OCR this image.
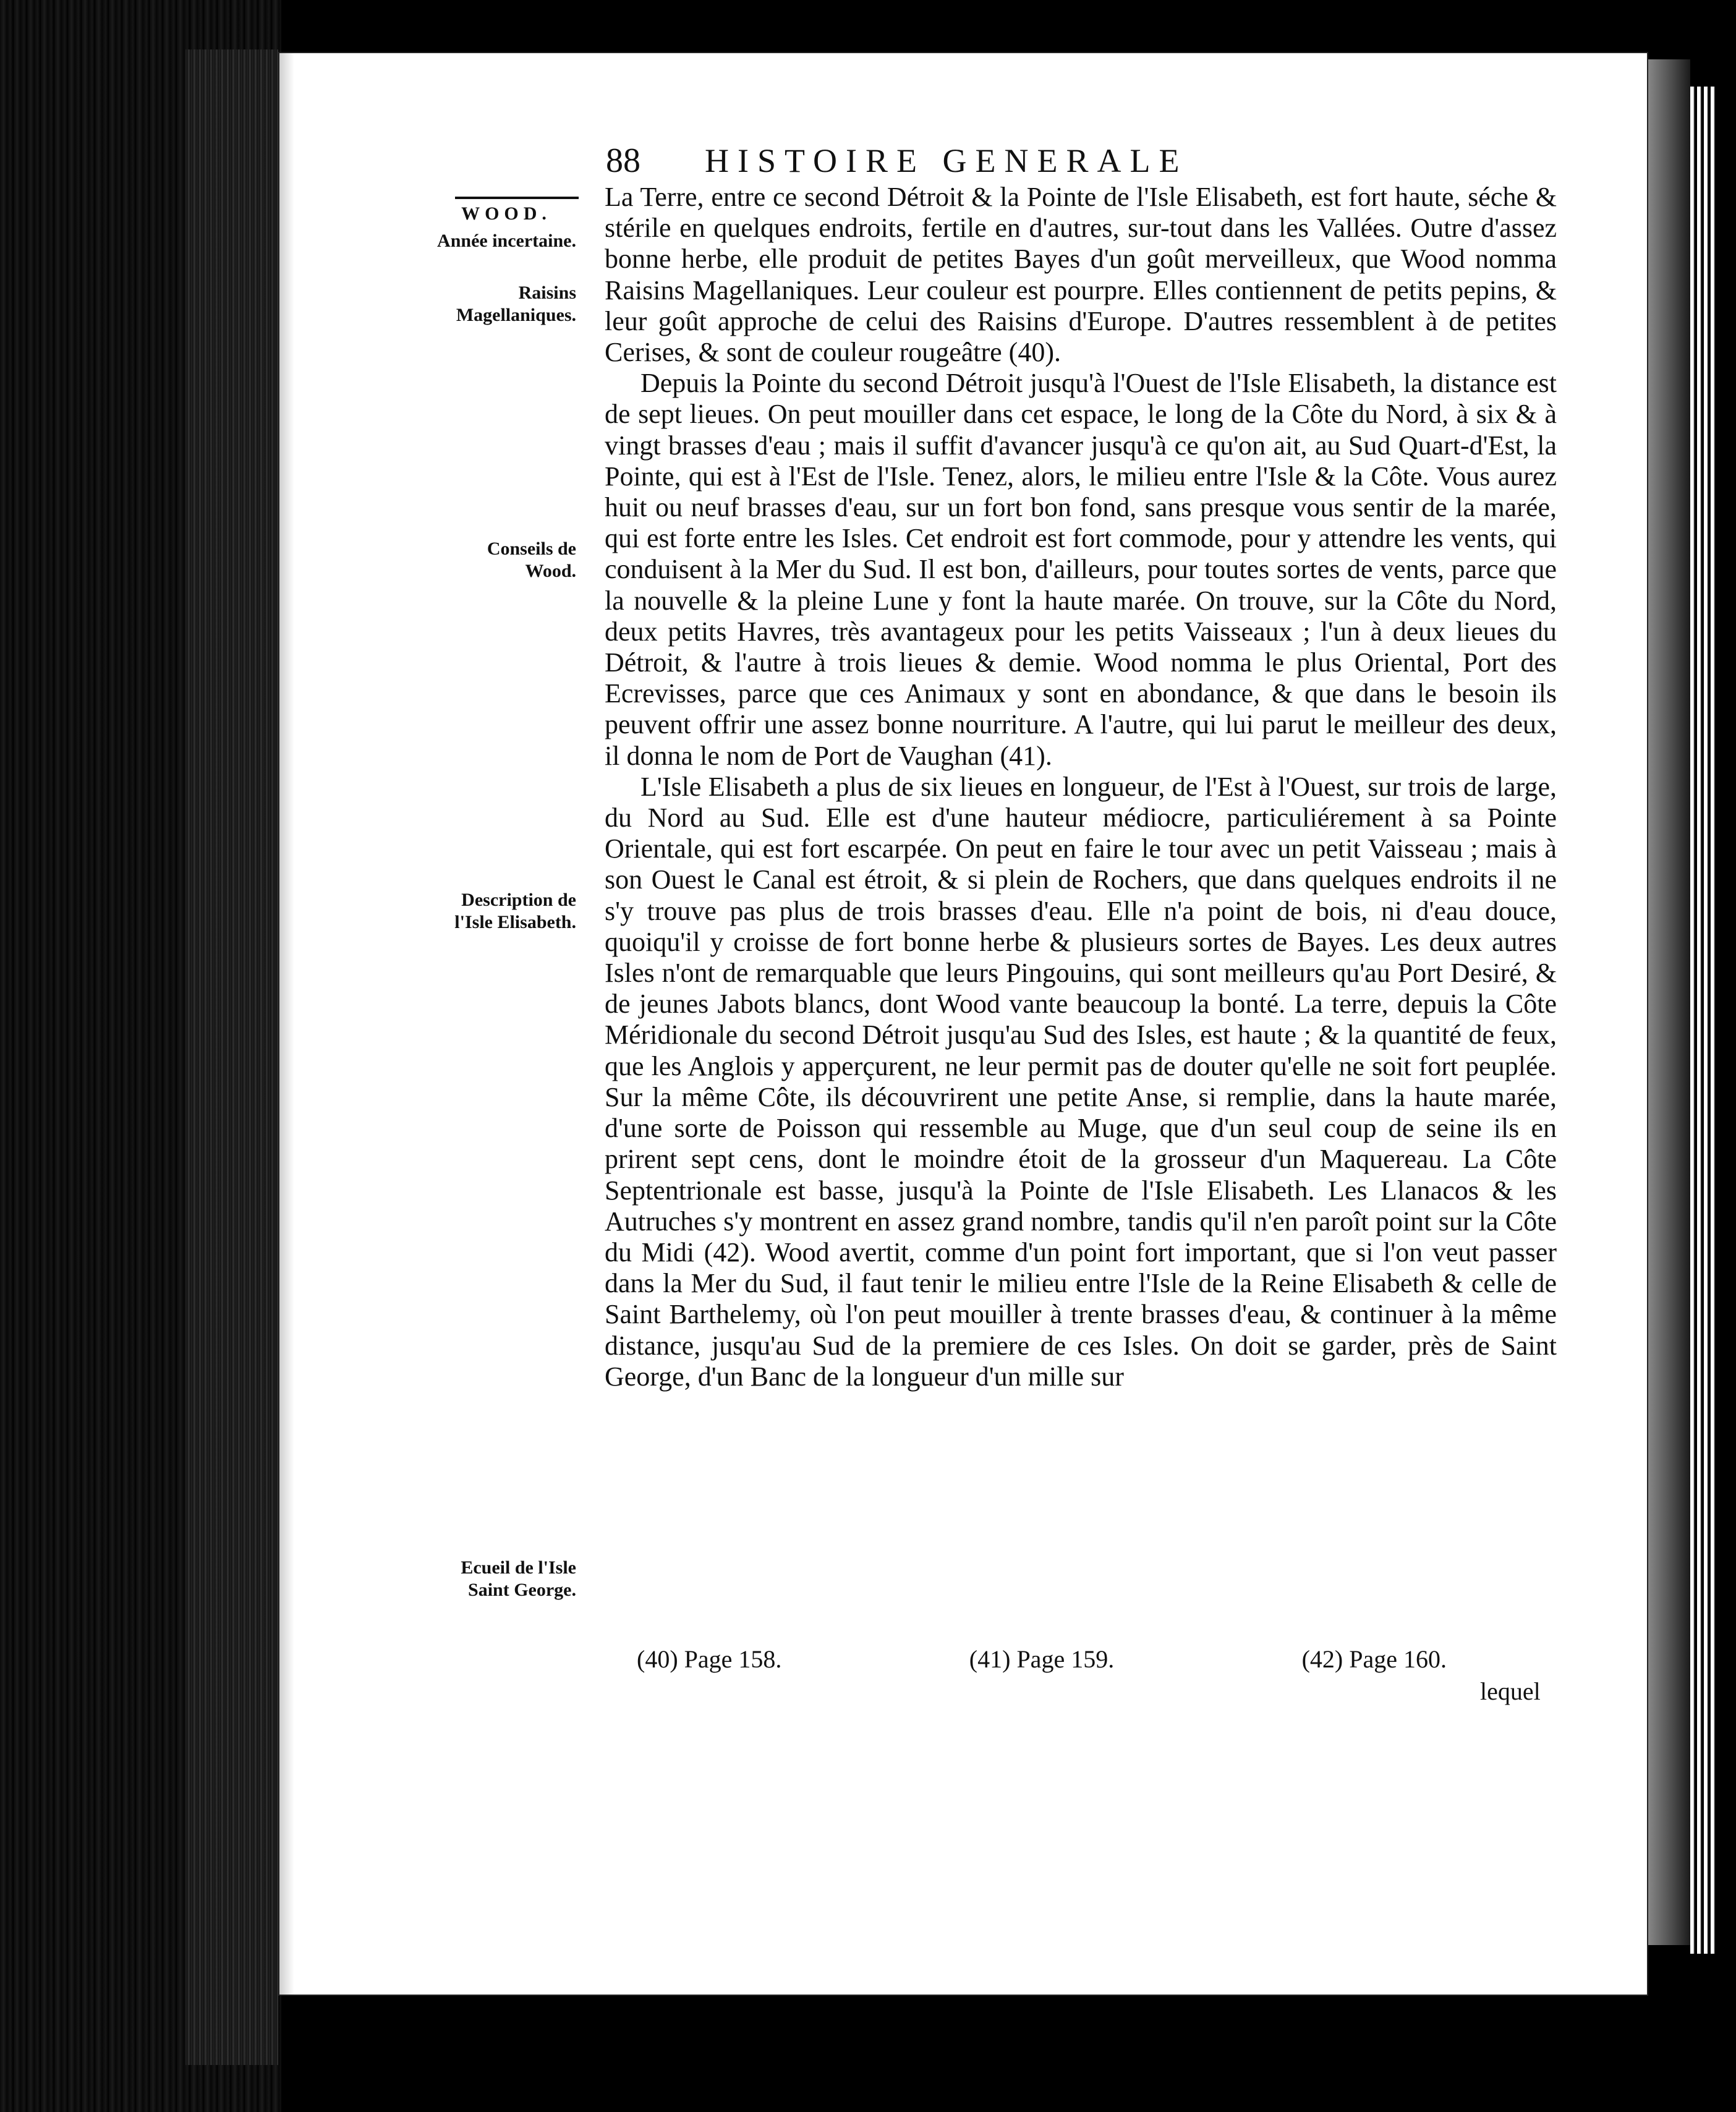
88	HISTOIRE GENERALE
WOOD.
Année incertaine.
Raisins Magellaniques.
Conseils de Wood.
Description de l'Isle Elisabeth.
Ecueil de l'Isle Saint George.

La Terre, entre ce second Détroit & la Pointe de l'Isle Elisabeth, est fort haute, séche & stérile en quelques endroits, fertile en d'autres, sur-tout dans les Vallées. Outre d'assez bonne herbe, elle produit de petites Bayes d'un goût merveilleux, que Wood nomma Raisins Magellaniques. Leur couleur est pourpre. Elles contiennent de petits pepins, & leur goût approche de celui des Raisins d'Europe. D'autres ressemblent à de petites Cerises, & sont de couleur rougeâtre (40).

Depuis la Pointe du second Détroit jusqu'à l'Ouest de l'Isle Elisabeth, la distance est de sept lieues. On peut mouiller dans cet espace, le long de la Côte du Nord, à six & à vingt brasses d'eau ; mais il suffit d'avancer jusqu'à ce qu'on ait, au Sud Quart-d'Est, la Pointe, qui est à l'Est de l'Isle. Tenez, alors, le milieu entre l'Isle & la Côte. Vous aurez huit ou neuf brasses d'eau, sur un fort bon fond, sans presque vous sentir de la marée, qui est forte entre les Isles. Cet endroit est fort commode, pour y attendre les vents, qui conduisent à la Mer du Sud. Il est bon, d'ailleurs, pour toutes sortes de vents, parce que la nouvelle & la pleine Lune y font la haute marée. On trouve, sur la Côte du Nord, deux petits Havres, très avantageux pour les petits Vaisseaux ; l'un à deux lieues du Détroit, & l'autre à trois lieues & demie. Wood nomma le plus Oriental, Port des Ecrevisses, parce que ces Animaux y sont en abondance, & que dans le besoin ils peuvent offrir une assez bonne nourriture. A l'autre, qui lui parut le meilleur des deux, il donna le nom de Port de Vaughan (41).

L'Isle Elisabeth a plus de six lieues en longueur, de l'Est à l'Ouest, sur trois de large, du Nord au Sud. Elle est d'une hauteur médiocre, particuliérement à sa Pointe Orientale, qui est fort escarpée. On peut en faire le tour avec un petit Vaisseau ; mais à son Ouest le Canal est étroit, & si plein de Rochers, que dans quelques endroits il ne s'y trouve pas plus de trois brasses d'eau. Elle n'a point de bois, ni d'eau douce, quoiqu'il y croisse de fort bonne herbe & plusieurs sortes de Bayes. Les deux autres Isles n'ont de remarquable que leurs Pingouins, qui sont meilleurs qu'au Port Desiré, & de jeunes Jabots blancs, dont Wood vante beaucoup la bonté. La terre, depuis la Côte Méridionale du second Détroit jusqu'au Sud des Isles, est haute ; & la quantité de feux, que les Anglois y apperçurent, ne leur permit pas de douter qu'elle ne soit fort peuplée. Sur la même Côte, ils découvrirent une petite Anse, si remplie, dans la haute marée, d'une sorte de Poisson qui ressemble au Muge, que d'un seul coup de seine ils en prirent sept cens, dont le moindre étoit de la grosseur d'un Maquereau. La Côte Septentrionale est basse, jusqu'à la Pointe de l'Isle Elisabeth. Les Llanacos & les Autruches s'y montrent en assez grand nombre, tandis qu'il n'en paroît point sur la Côte du Midi (42). Wood avertit, comme d'un point fort important, que si l'on veut passer dans la Mer du Sud, il faut tenir le milieu entre l'Isle de la Reine Elisabeth & celle de Saint Barthelemy, où l'on peut mouiller à trente brasses d'eau, & continuer à la même distance, jusqu'au Sud de la premiere de ces Isles. On doit se garder, près de Saint George, d'un Banc de la longueur d'un mille sur

(40) Page 158.	(41) Page 159.	(42) Page 160.
lequel
